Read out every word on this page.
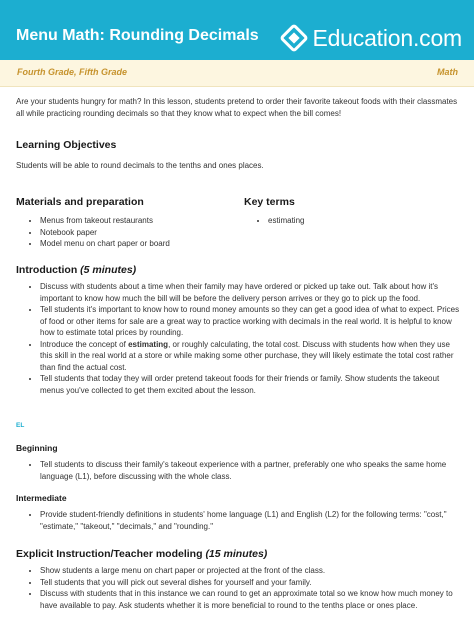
Menu Math: Rounding Decimals Education.com
Fourth Grade, Fifth Grade	Math

Are your students hungry for math? In this lesson, students pretend to order their favorite takeout foods with their classmates all while practicing rounding decimals so that they know what to expect when the bill comes!

Learning Objectives

Students will be able to round decimals to the tenths and ones places.

Materials and preparation
• Menus from takeout restaurants
• Notebook paper
• Model menu on chart paper or board
Key terms
• estimating
Introduction (5 minutes)
• Discuss with students about a time when their family may have ordered or picked up take out. Talk about how it's important to know how much the bill will be before the delivery person arrives or they go to pick up the food.
• Tell students it's important to know how to round money amounts so they can get a good idea of what to expect. Prices of food or other items for sale are a great way to practice working with decimals in the real world. It is helpful to know how to estimate total prices by rounding.
• Introduce the concept of estimating, or roughly calculating, the total cost. Discuss with students how when they use this skill in the real world at a store or while making some other purchase, they will likely estimate the total cost rather than find the actual cost.
• Tell students that today they will order pretend takeout foods for their friends or family. Show students the takeout menus you've collected to get them excited about the lesson.
EL
Beginning
• Tell students to discuss their family's takeout experience with a partner, preferably one who speaks the same home language (L1), before discussing with the whole class.
Intermediate
• Provide student-friendly definitions in students' home language (L1) and English (L2) for the following terms: "cost," "estimate," "takeout," "decimals," and "rounding."
Explicit Instruction/Teacher modeling (15 minutes)
• Show students a large menu on chart paper or projected at the front of the class.
• Tell students that you will pick out several dishes for yourself and your family.
• Discuss with students that in this instance we can round to get an approximate total so we know how much money to have available to pay. Ask students whether it is more beneficial to round to the tenths place or ones place.
